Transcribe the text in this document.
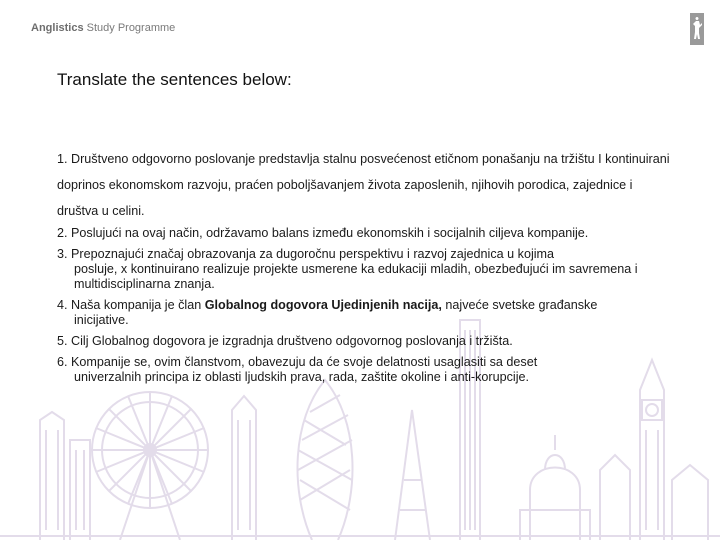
Anglistics Study Programme
Translate the sentences below:

1. Društveno odgovorno poslovanje predstavlja stalnu posvećenost etičnom ponašanju na tržištu I kontinuirani doprinos ekonomskom razvoju, praćen poboljšavanjem života zaposlenih, njihovih porodica, zajednice i društva u celini.

2. Poslujući na ovaj način, održavamo balans između ekonomskih i socijalnih ciljeva kompanije.

3. Prepoznajući značaj obrazovanja za dugoročnu perspektivu i razvoj zajednica u kojima
posluje, x kontinuirano realizuje projekte usmerene ka edukaciji mladih, obezbeđujući im savremena i multidisciplinarna znanja.
4. Naša kompanija je član Globalnog dogovora Ujedinjenih nacija, najveće svetske građanske
inicijative.

5. Cilj Globalnog dogovora je izgradnja društveno odgovornog poslovanja i tržišta.

6. Kompanije se, ovim članstvom, obavezuju da će svoje delatnosti usaglasiti sa deset
univerzalnih principa iz oblasti ljudskih prava, rada, zaštite okoline i anti-korupcije.
